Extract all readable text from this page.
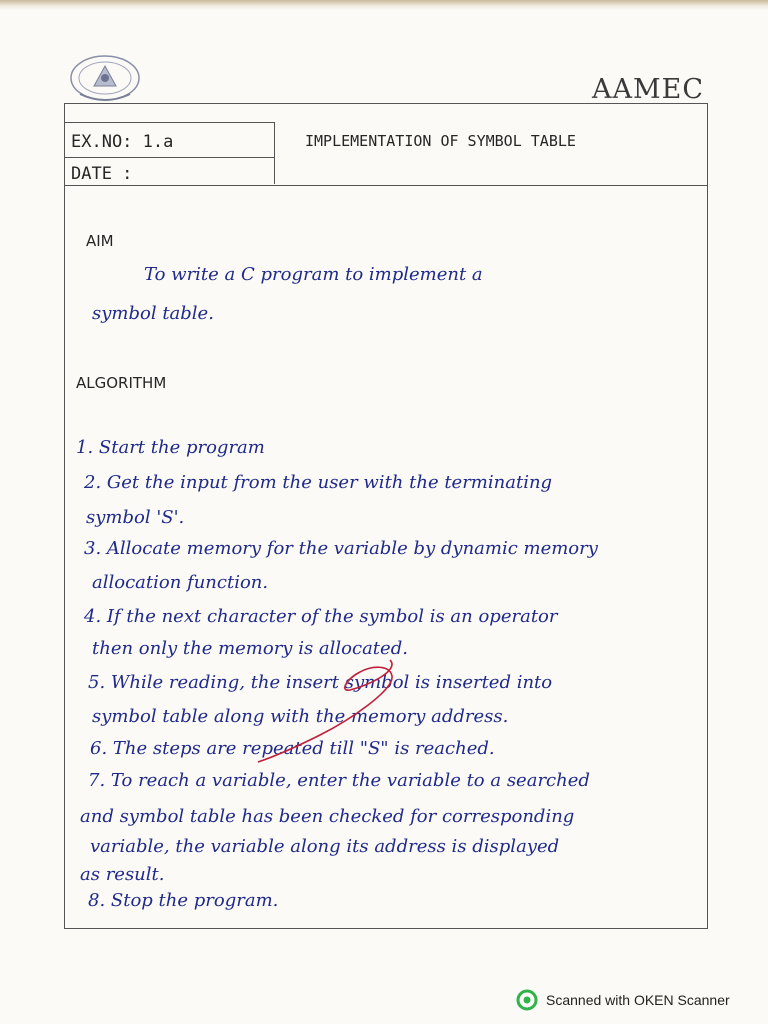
AAMEC
EX.NO: 1.a
DATE :
IMPLEMENTATION OF SYMBOL TABLE
AIM
To write a C program to implement a
symbol table.
ALGORITHM
1. Start the program
2. Get the input from the user with the terminating
symbol 'S'.
3. Allocate memory for the variable by dynamic memory
allocation function.
4. If the next character of the symbol is an operator
then only the memory is allocated.
5. While reading, the insert symbol is inserted into
symbol table along with the memory address.
6. The steps are repeated till "S" is reached.
7. To reach a variable, enter the variable to a searched
and symbol table has been checked for corresponding
variable, the variable along its address is displayed
as result.
8. Stop the program.
Scanned with OKEN Scanner
